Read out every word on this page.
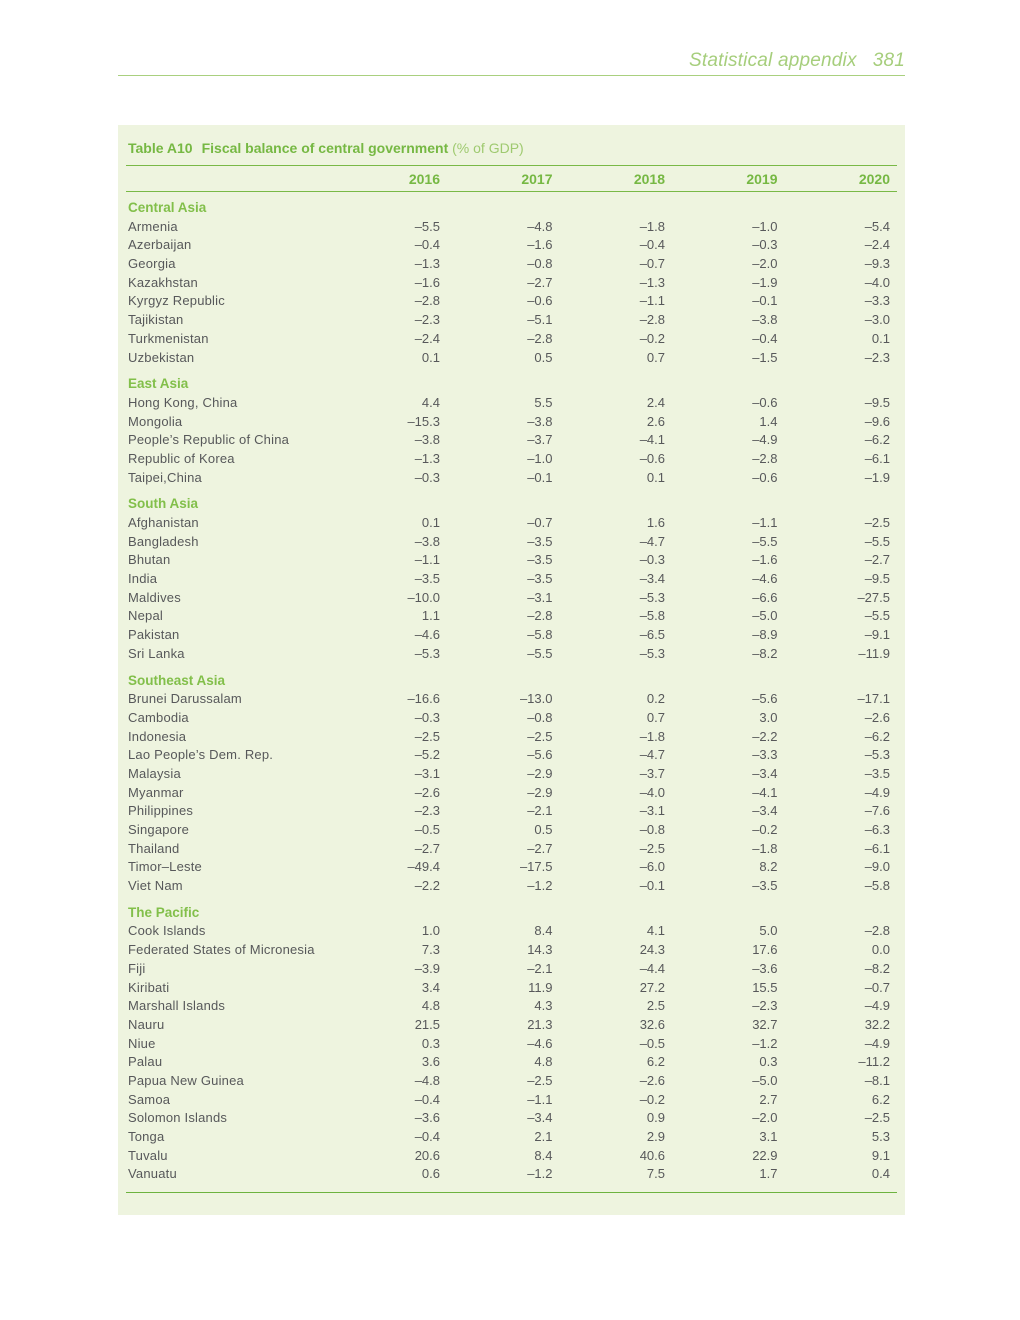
Statistical appendix 381
Table A10 Fiscal balance of central government (% of GDP)
2016	2017	2018	2019	2020
Central Asia
Armenia	–5.5	–4.8	–1.8	–1.0	–5.4
Azerbaijan	–0.4	–1.6	–0.4	–0.3	–2.4
Georgia	–1.3	–0.8	–0.7	–2.0	–9.3
Kazakhstan	–1.6	–2.7	–1.3	–1.9	–4.0
Kyrgyz Republic	–2.8	–0.6	–1.1	–0.1	–3.3
Tajikistan	–2.3	–5.1	–2.8	–3.8	–3.0
Turkmenistan	–2.4	–2.8	–0.2	–0.4	0.1
Uzbekistan	0.1	0.5	0.7	–1.5	–2.3
East Asia
Hong Kong, China	4.4	5.5	2.4	–0.6	–9.5
Mongolia	–15.3	–3.8	2.6	1.4	–9.6
People’s Republic of China	–3.8	–3.7	–4.1	–4.9	–6.2
Republic of Korea	–1.3	–1.0	–0.6	–2.8	–6.1
Taipei,China	–0.3	–0.1	0.1	–0.6	–1.9
South Asia
Afghanistan	0.1	–0.7	1.6	–1.1	–2.5
Bangladesh	–3.8	–3.5	–4.7	–5.5	–5.5
Bhutan	–1.1	–3.5	–0.3	–1.6	–2.7
India	–3.5	–3.5	–3.4	–4.6	–9.5
Maldives	–10.0	–3.1	–5.3	–6.6	–27.5
Nepal	1.1	–2.8	–5.8	–5.0	–5.5
Pakistan	–4.6	–5.8	–6.5	–8.9	–9.1
Sri Lanka	–5.3	–5.5	–5.3	–8.2	–11.9
Southeast Asia
Brunei Darussalam	–16.6	–13.0	0.2	–5.6	–17.1
Cambodia	–0.3	–0.8	0.7	3.0	–2.6
Indonesia	–2.5	–2.5	–1.8	–2.2	–6.2
Lao People’s Dem. Rep.	–5.2	–5.6	–4.7	–3.3	–5.3
Malaysia	–3.1	–2.9	–3.7	–3.4	–3.5
Myanmar	–2.6	–2.9	–4.0	–4.1	–4.9
Philippines	–2.3	–2.1	–3.1	–3.4	–7.6
Singapore	–0.5	0.5	–0.8	–0.2	–6.3
Thailand	–2.7	–2.7	–2.5	–1.8	–6.1
Timor–Leste	–49.4	–17.5	–6.0	8.2	–9.0
Viet Nam	–2.2	–1.2	–0.1	–3.5	–5.8
The Pacific
Cook Islands	1.0	8.4	4.1	5.0	–2.8
Federated States of Micronesia	7.3	14.3	24.3	17.6	0.0
Fiji	–3.9	–2.1	–4.4	–3.6	–8.2
Kiribati	3.4	11.9	27.2	15.5	–0.7
Marshall Islands	4.8	4.3	2.5	–2.3	–4.9
Nauru	21.5	21.3	32.6	32.7	32.2
Niue	0.3	–4.6	–0.5	–1.2	–4.9
Palau	3.6	4.8	6.2	0.3	–11.2
Papua New Guinea	–4.8	–2.5	–2.6	–5.0	–8.1
Samoa	–0.4	–1.1	–0.2	2.7	6.2
Solomon Islands	–3.6	–3.4	0.9	–2.0	–2.5
Tonga	–0.4	2.1	2.9	3.1	5.3
Tuvalu	20.6	8.4	40.6	22.9	9.1
Vanuatu	0.6	–1.2	7.5	1.7	0.4
